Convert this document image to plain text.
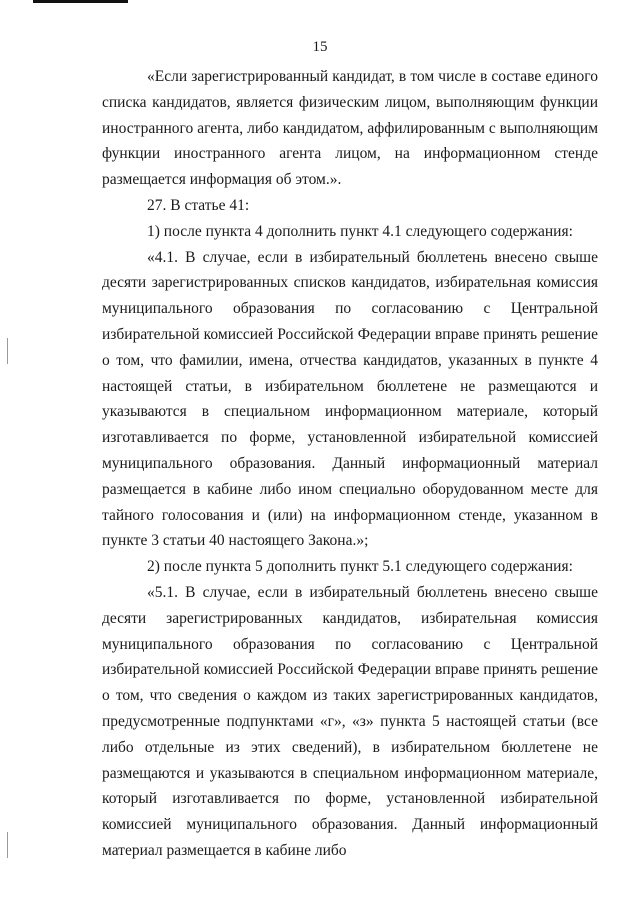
15

«Если зарегистрированный кандидат, в том числе в составе единого списка кандидатов, является физическим лицом, выполняющим функции иностранного агента, либо кандидатом, аффилированным с выполняющим функции иностранного агента лицом, на информационном стенде размещается информация об этом.».

27. В статье 41:

1) после пункта 4 дополнить пункт 4.1 следующего содержания:

«4.1. В случае, если в избирательный бюллетень внесено свыше десяти зарегистрированных списков кандидатов, избирательная комиссия муниципального образования по согласованию с Центральной избирательной комиссией Российской Федерации вправе принять решение о том, что фамилии, имена, отчества кандидатов, указанных в пункте 4 настоящей статьи, в избирательном бюллетене не размещаются и указываются в специальном информационном материале, который изготавливается по форме, установленной избирательной комиссией муниципального образования. Данный информационный материал размещается в кабине либо ином специально оборудованном месте для тайного голосования и (или) на информационном стенде, указанном в пункте 3 статьи 40 настоящего Закона.»;

2) после пункта 5 дополнить пункт 5.1 следующего содержания:

«5.1. В случае, если в избирательный бюллетень внесено свыше десяти зарегистрированных кандидатов, избирательная комиссия муниципального образования по согласованию с Центральной избирательной комиссией Российской Федерации вправе принять решение о том, что сведения о каждом из таких зарегистрированных кандидатов, предусмотренные подпунктами «г», «з» пункта 5 настоящей статьи (все либо отдельные из этих сведений), в избирательном бюллетене не размещаются и указываются в специальном информационном материале, который изготавливается по форме, установленной избирательной комиссией муниципального образования. Данный информационный материал размещается в кабине либо
